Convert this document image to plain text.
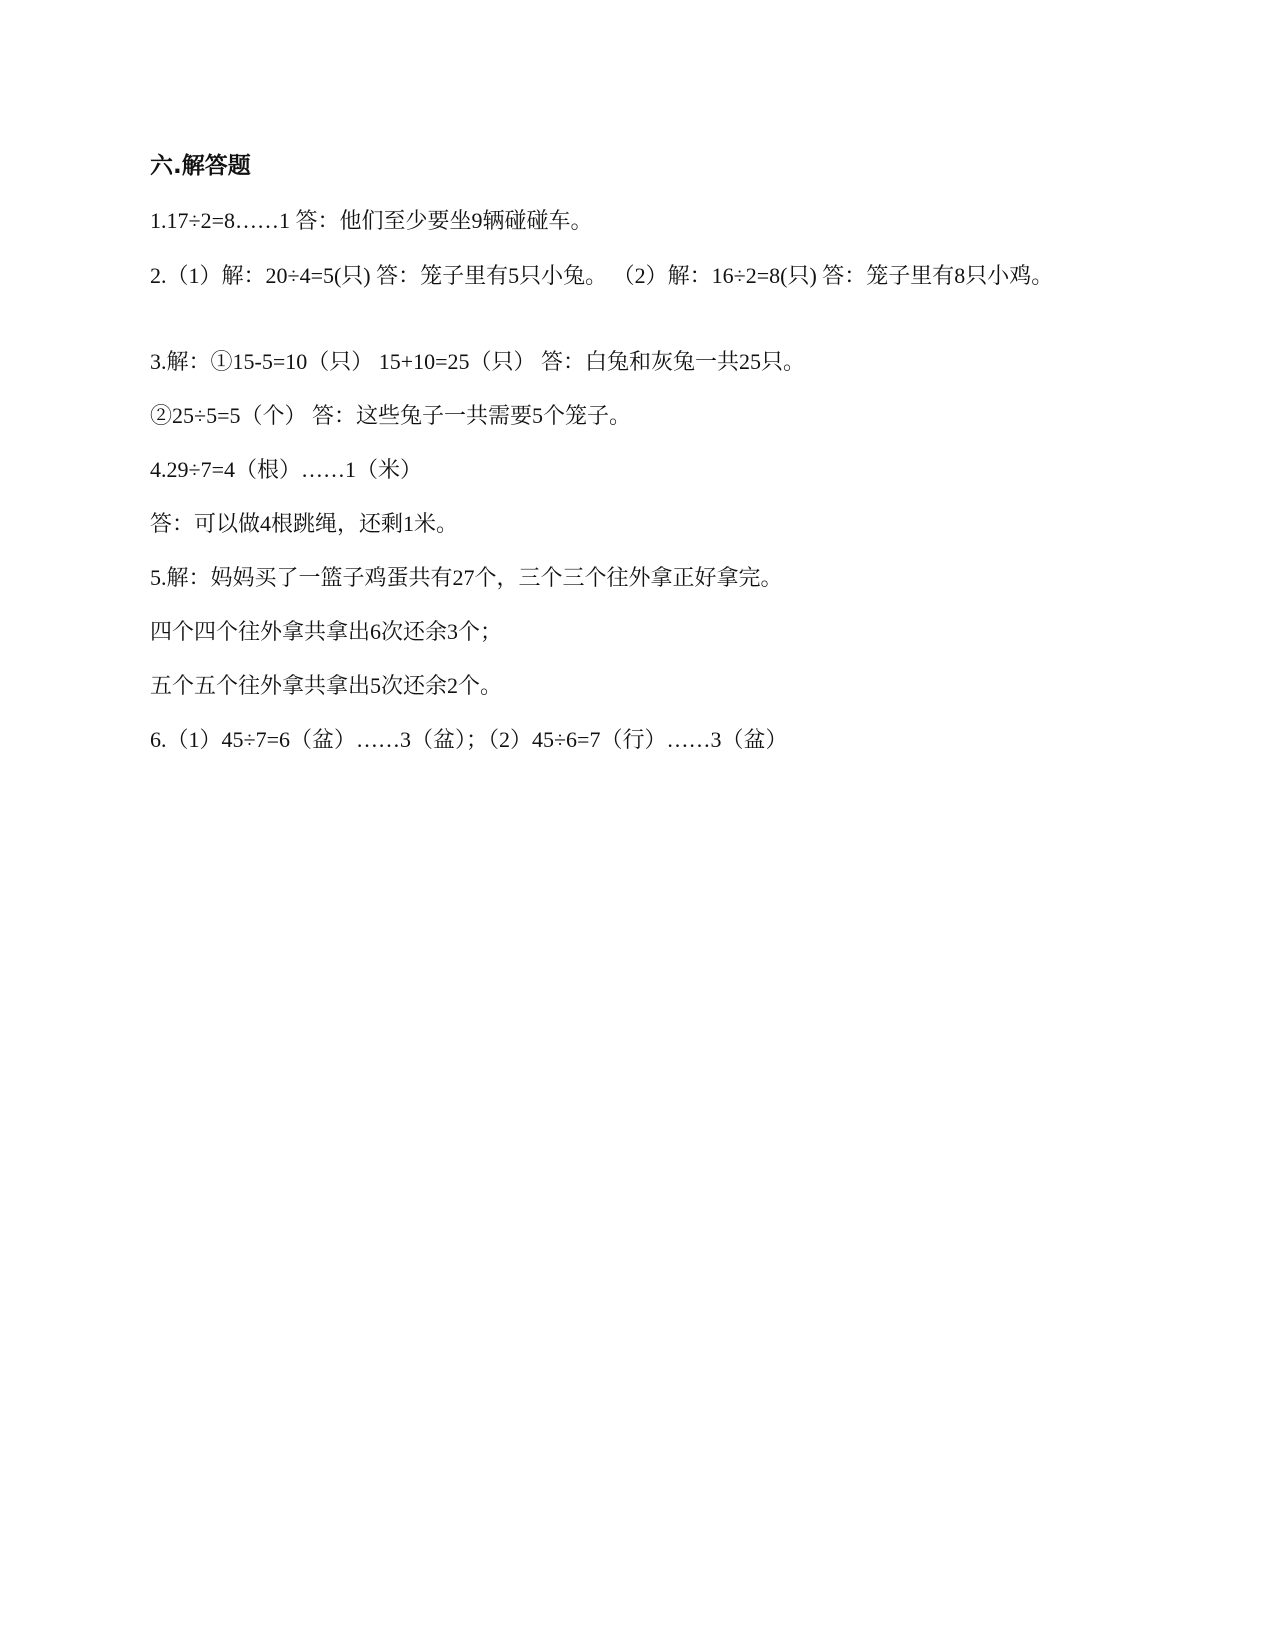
六.解答题
1.17÷2=8……1 答：他们至少要坐9辆碰碰车。
2.（1）解：20÷4=5(只) 答：笼子里有5只小兔。 （2）解：16÷2=8(只) 答：笼子里有8只小鸡。
3.解：①15-5=10（只） 15+10=25（只） 答：白兔和灰兔一共25只。
②25÷5=5（个） 答：这些兔子一共需要5个笼子。
4.29÷7=4（根）……1（米）
答：可以做4根跳绳，还剩1米。
5.解：妈妈买了一篮子鸡蛋共有27个，三个三个往外拿正好拿完。
四个四个往外拿共拿出6次还余3个；
五个五个往外拿共拿出5次还余2个。
6.（1）45÷7=6（盆）……3（盆）；（2）45÷6=7（行）……3（盆）
